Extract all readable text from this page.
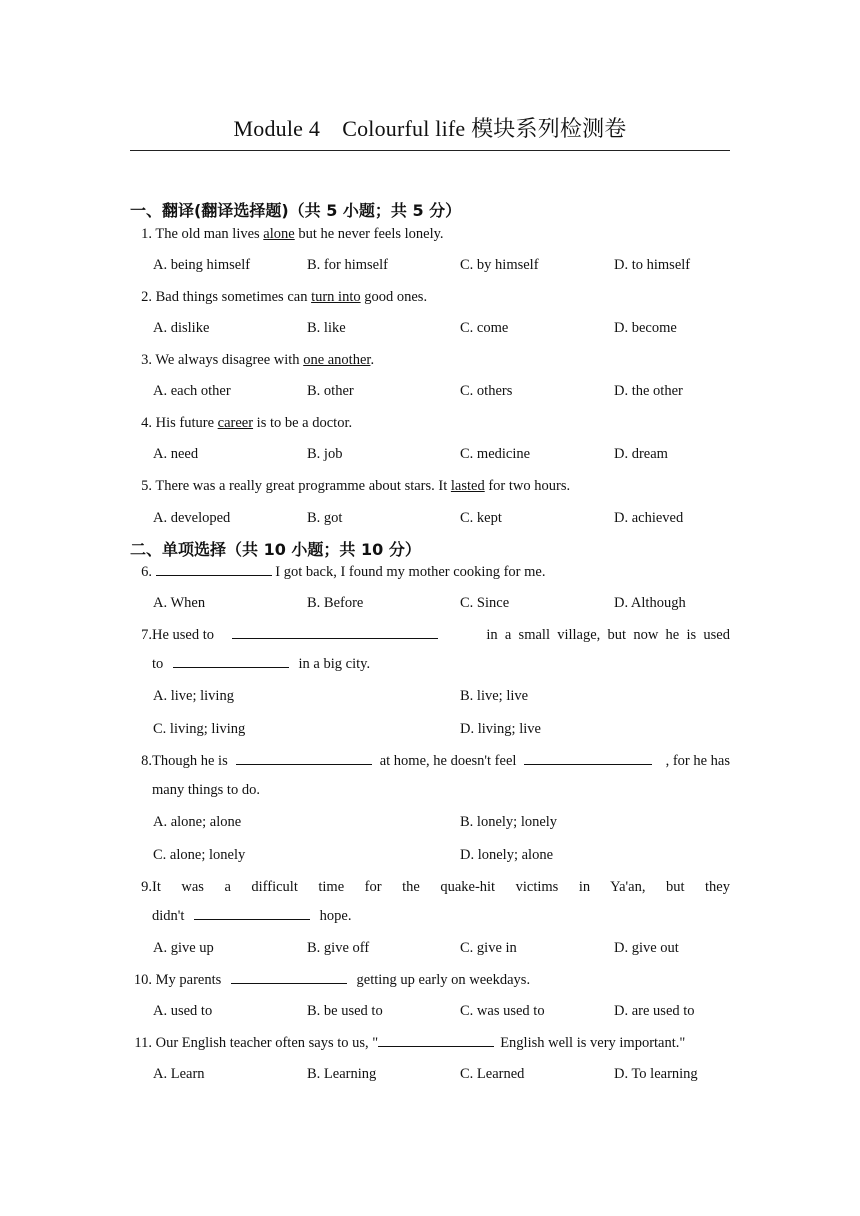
Module 4　Colourful life 模块系列检测卷
一、翻译(翻译选择题)（共 5 小题；共 5 分）
1. The old man lives alone but he never feels lonely.
A. being himself	B. for himself	C. by himself	D. to himself
2. Bad things sometimes can turn into good ones.
A. dislike	B. like	C. come	D. become
3. We always disagree with one another.
A. each other	B. other	C. others	D. the other
4. His future career is to be a doctor.
A. need	B. job	C. medicine	D. dream
5. There was a really great programme about stars. It lasted for two hours.
A. developed	B. got	C. kept	D. achieved
二、单项选择（共 10 小题；共 10 分）
6.	I got back, I found my mother cooking for me.
A. When	B. Before	C. Since	D. Although
7. He used to	in  a  small  village,  but  now  he  is  used
to	in a big city.
A. live; living	B. live; live
C. living; living	D. living; live
8. Though he is	at home, he doesn't feel	, for he has
many things to do.
A. alone; alone	B. lonely; lonely
C. alone; lonely	D. lonely; alone
9. It  was  a  difficult  time  for  the  quake-hit  victims  in  Ya'an,  but  they
didn't	hope.
A. give up	B. give off	C. give in	D. give out
10. My parents	getting up early on weekdays.
A. used to	B. be used to	C. was used to	D. are used to
11. Our English teacher often says to us, "	English well is very important."
A. Learn	B. Learning	C. Learned	D. To learning
